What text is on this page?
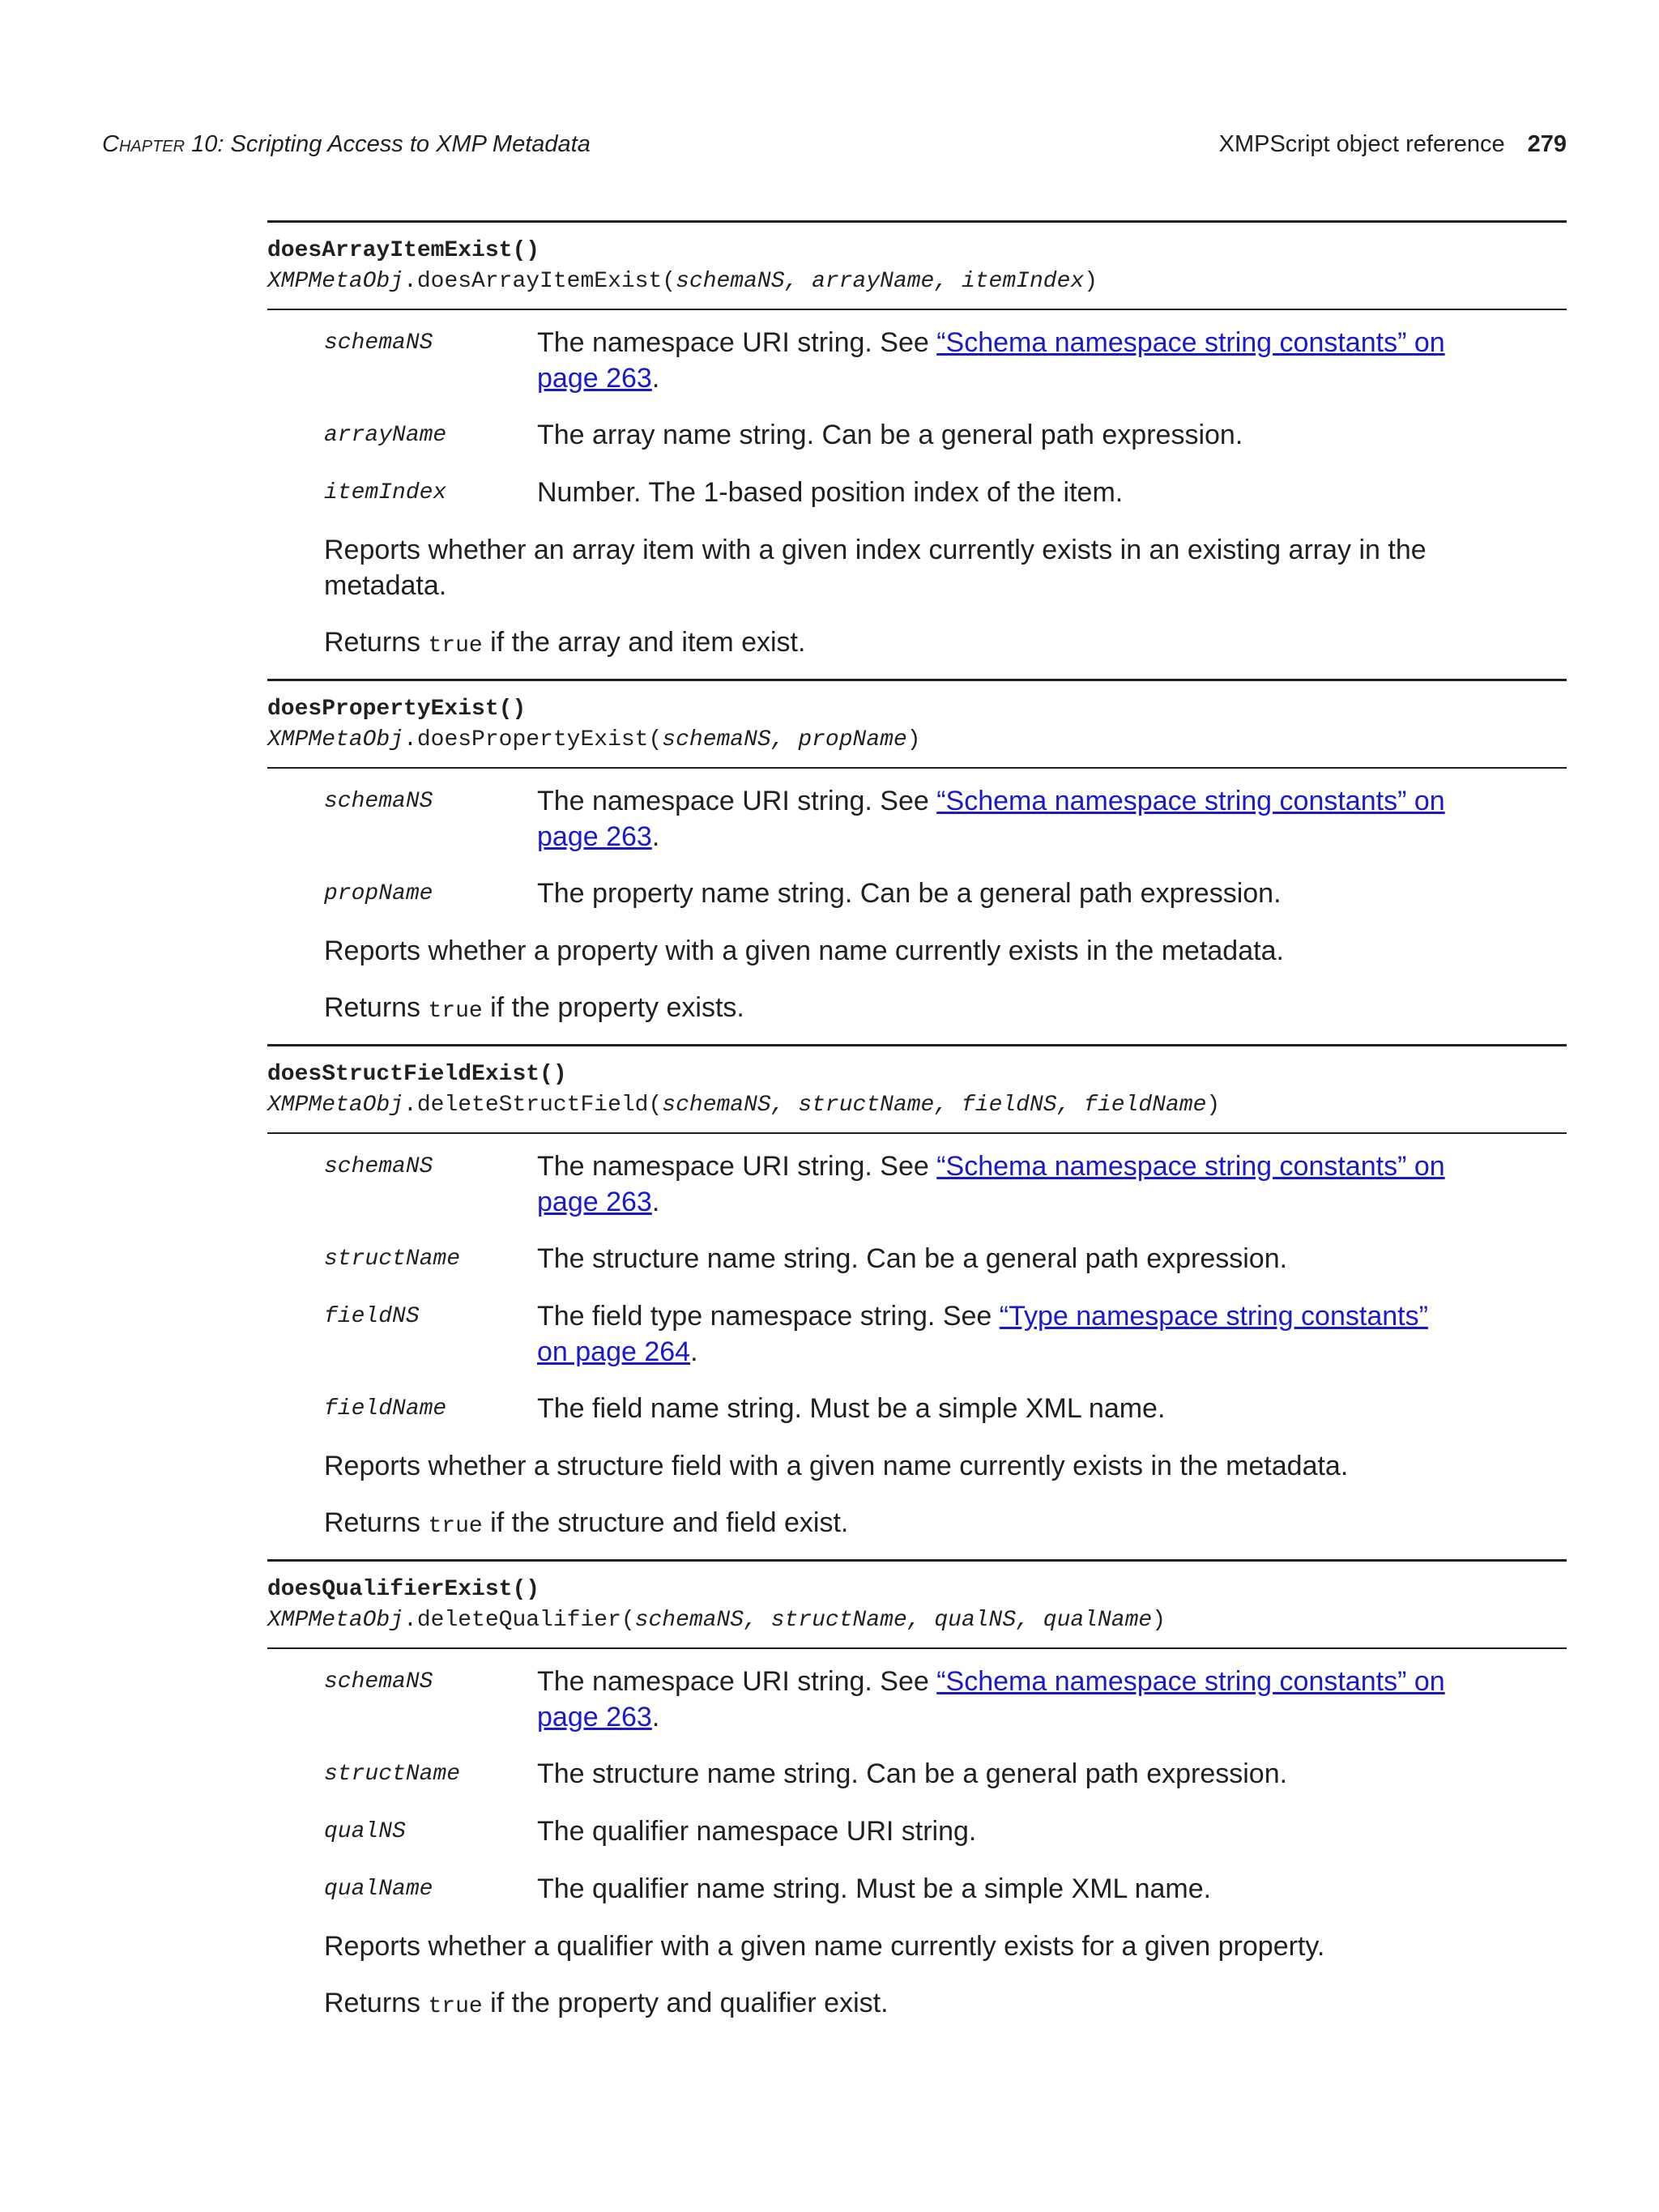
Chapter 10: Scripting Access to XMP Metadata	XMPScript object reference 279
doesArrayItemExist()
XMPMetaObj.doesArrayItemExist(schemaNS, arrayName, itemIndex)
schemaNS	The namespace URI string. See “Schema namespace string constants” on page 263.
arrayName	The array name string. Can be a general path expression.
itemIndex	Number. The 1-based position index of the item.
Reports whether an array item with a given index currently exists in an existing array in the metadata.
Returns true if the array and item exist.
doesPropertyExist()
XMPMetaObj.doesPropertyExist(schemaNS, propName)
schemaNS	The namespace URI string. See “Schema namespace string constants” on page 263.
propName	The property name string. Can be a general path expression.
Reports whether a property with a given name currently exists in the metadata.
Returns true if the property exists.
doesStructFieldExist()
XMPMetaObj.deleteStructField(schemaNS, structName, fieldNS, fieldName)
schemaNS	The namespace URI string. See “Schema namespace string constants” on page 263.
structName	The structure name string. Can be a general path expression.
fieldNS	The field type namespace string. See “Type namespace string constants” on page 264.
fieldName	The field name string. Must be a simple XML name.
Reports whether a structure field with a given name currently exists in the metadata.
Returns true if the structure and field exist.
doesQualifierExist()
XMPMetaObj.deleteQualifier(schemaNS, structName, qualNS, qualName)
schemaNS	The namespace URI string. See “Schema namespace string constants” on page 263.
structName	The structure name string. Can be a general path expression.
qualNS	The qualifier namespace URI string.
qualName	The qualifier name string. Must be a simple XML name.
Reports whether a qualifier with a given name currently exists for a given property.
Returns true if the property and qualifier exist.
